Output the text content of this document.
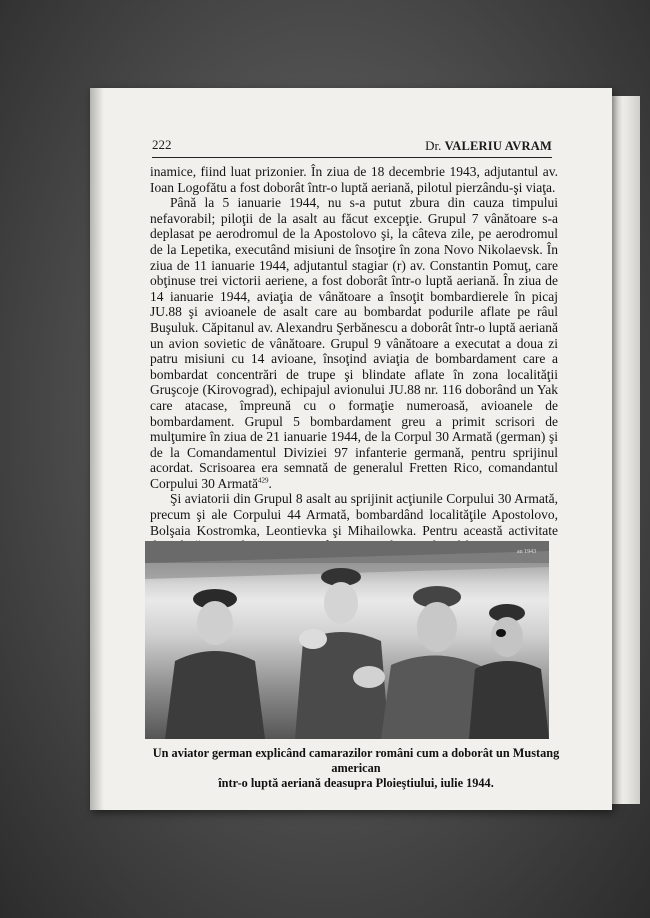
222	Dr. VALERIU AVRAM

inamice, fiind luat prizonier. În ziua de 18 decembrie 1943, adjutantul av. Ioan Logofătu a fost doborât într-o luptă aeriană, pilotul pierzându-şi viaţa.

Până la 5 ianuarie 1944, nu s-a putut zbura din cauza timpului nefavorabil; piloţii de la asalt au făcut excepţie. Grupul 7 vânătoare s-a deplasat pe aerodromul de la Apostolovo şi, la câteva zile, pe aerodromul de la Lepetika, executând misiuni de însoţire în zona Novo Nikolaevsk. În ziua de 11 ianuarie 1944, adjutantul stagiar (r) av. Constantin Pomuţ, care obţinuse trei victorii aeriene, a fost doborât într-o luptă aeriană. În ziua de 14 ianuarie 1944, aviaţia de vânătoare a însoţit bombardierele în picaj JU.88 şi avioanele de asalt care au bombardat podurile aflate pe râul Buşuluk. Căpitanul av. Alexandru Şerbănescu a doborât într-o luptă aeriană un avion sovietic de vânătoare. Grupul 9 vânătoare a executat a doua zi patru misiuni cu 14 avioane, însoţind aviaţia de bombardament care a bombardat concentrări de trupe şi blindate aflate în zona localităţii Gruşcoje (Kirovograd), echipajul avionului JU.88 nr. 116 doborând un Yak care atacase, împreună cu o formaţie numeroasă, avioanele de bombardament. Grupul 5 bombardament greu a primit scrisori de mulţumire în ziua de 21 ianuarie 1944, de la Corpul 30 Armată (german) şi de la Comandamentul Diviziei 97 infanterie germană, pentru sprijinul acordat. Scrisoarea era semnată de generalul Fretten Rico, comandantul Corpului 30 Armată$^{429}$.

Şi aviatorii din Grupul 8 asalt au sprijinit acţiunile Corpului 30 Armată, precum şi ale Corpului 44 Armată, bombardând localităţile Apostolovo, Bolşaia Kostromka, Leontievka şi Mihailowka. Pentru această activitate

au 1943
Un aviator german explicând camarazilor români cum a doborât un Mustang american
într-o luptă aeriană deasupra Ploieştiului, iulie 1944.
